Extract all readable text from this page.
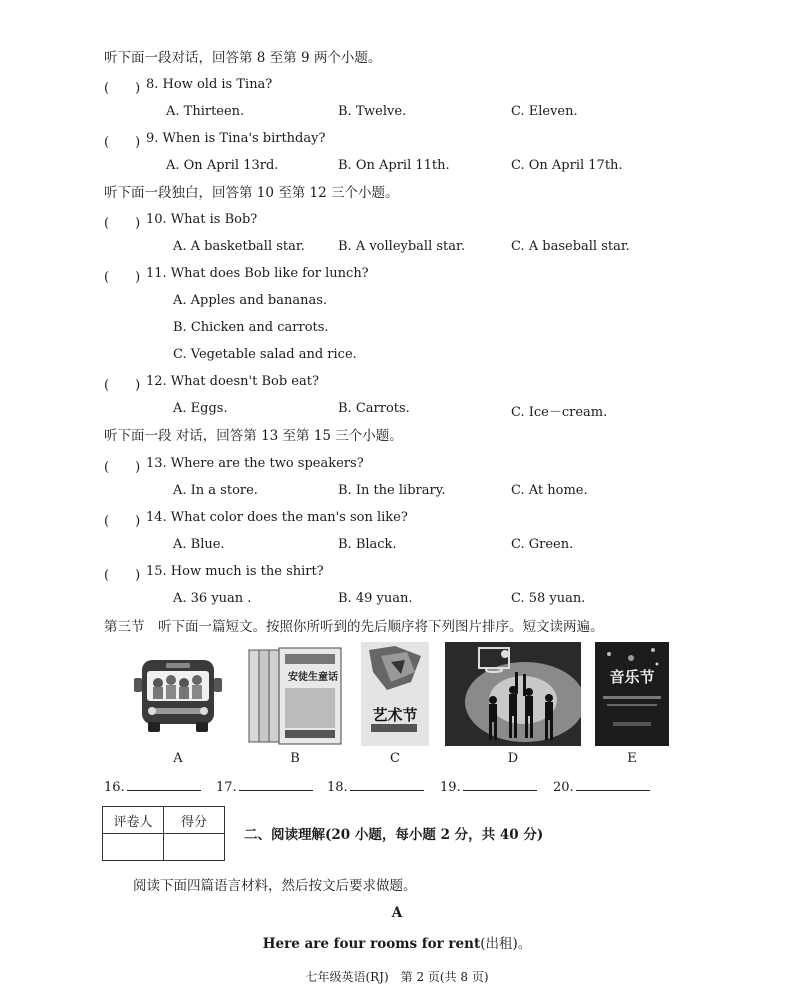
听下面一段对话，回答第 8 至第 9 两个小题。
(　　) 8. How old is Tina?
A. Thirteen.	B. Twelve.	C. Eleven.
(　　) 9. When is Tina's birthday?
A. On April 13rd.	B. On April 11th.	C. On April 17th.
听下面一段独白，回答第 10 至第 12 三个小题。
(　　) 10. What is Bob?
A. A basketball star.	B. A volleyball star.	C. A baseball star.
(　　) 11. What does Bob like for lunch?
A. Apples and bananas.
B. Chicken and carrots.
C. Vegetable salad and rice.
(　　) 12. What doesn't Bob eat?
A. Eggs.	B. Carrots.	C. Ice－cream.
听下面一段 对话，回答第 13 至第 15 三个小题。
(　　) 13. Where are the two speakers?
A. In a store.	B. In the library.	C. At home.
(　　) 14. What color does the man's son like?
A. Blue.	B. Black.	C. Green.
(　　) 15. How much is the shirt?
A. 36 yuan .	B. 49 yuan.	C. 58 yuan.
第三节　听下面一篇短文。按照你所听到的先后顺序将下列图片排序。短文读两遍。
安徒生童话
艺术节
音乐节
A	B	C	D	E
16.	17.	18.	19.	20.
评卷人	得分

二、阅读理解(20 小题，每小题 2 分，共 40 分)
阅读下面四篇语言材料，然后按文后要求做题。
A
Here are four rooms for rent(出租)。
七年级英语(RJ)　第 2 页(共 8 页)
